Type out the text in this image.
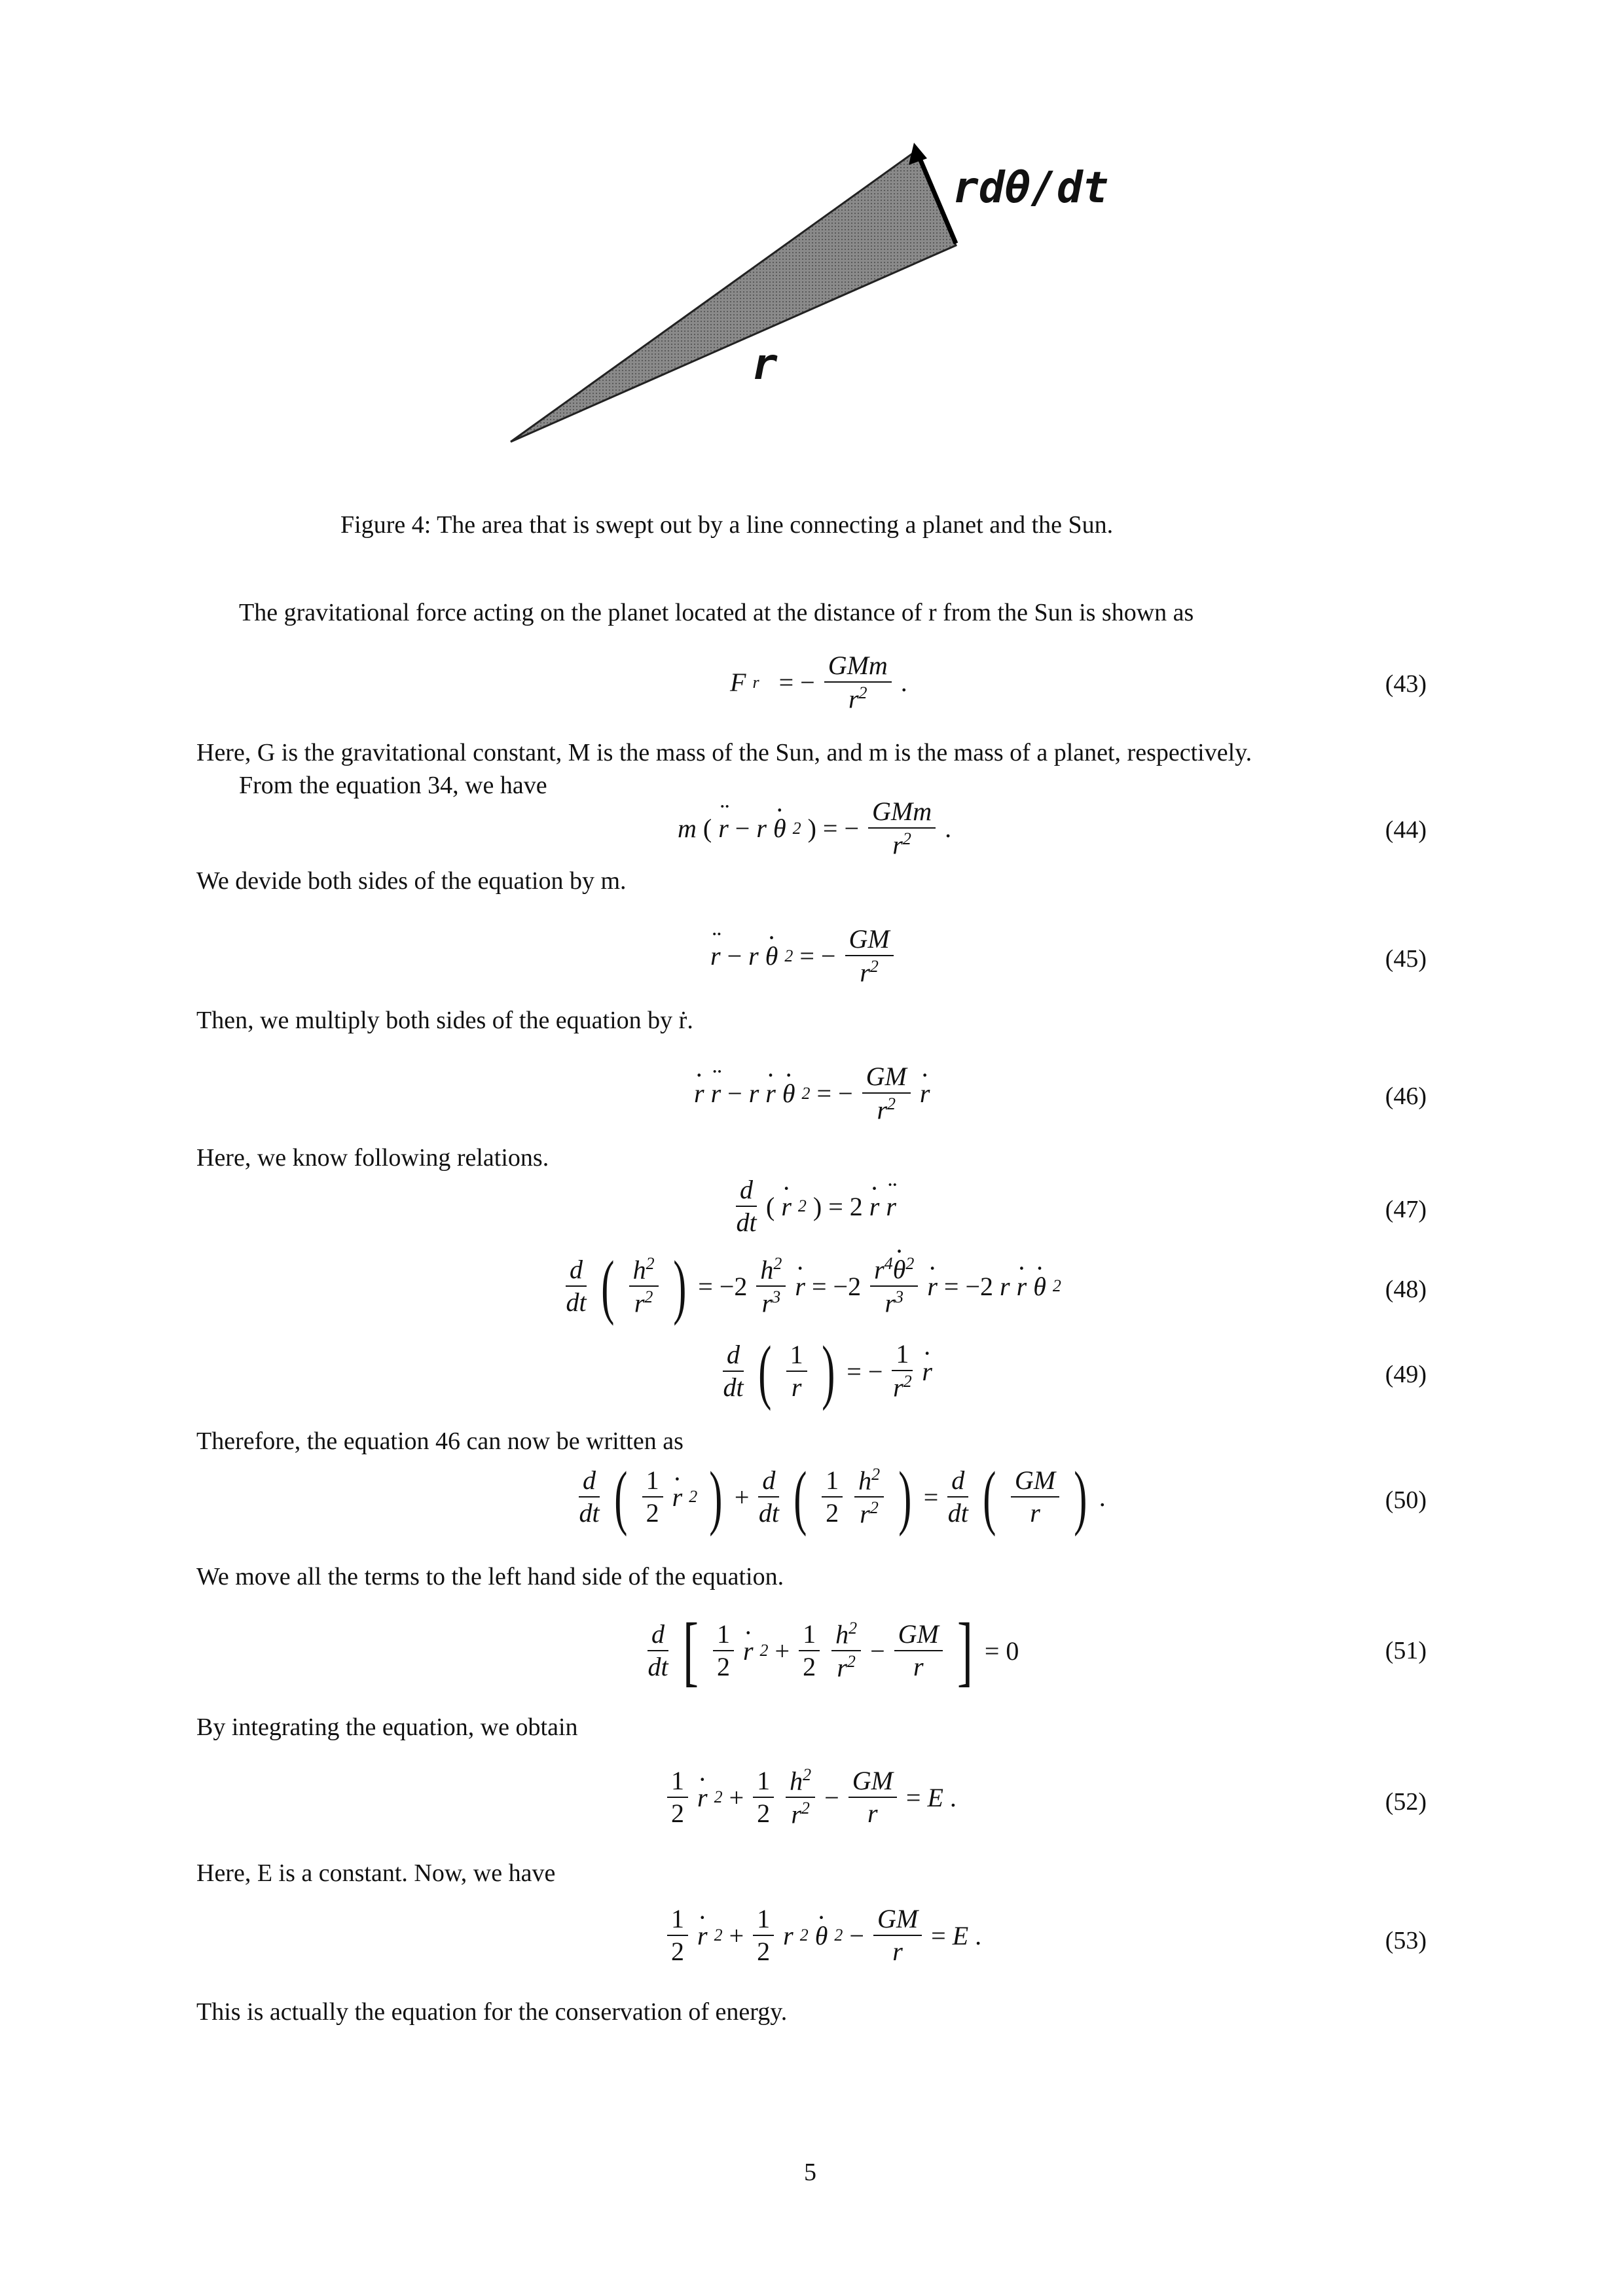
rdθ/dt
r
Figure 4: The area that is swept out by a line connecting a planet and the Sun.
The gravitational force acting on the planet located at the distance of r from the Sun is shown as
F r
= − $\frac{\text{GMm}}{r^2}$ .	(43)
Here, G is the gravitational constant, M is the mass of the Sun, and m is the mass of a planet, respectively.
From the equation 34, we have
m ( r ·· − r θ · 2 ) = − $\frac{\text{GMm}}{r^2}$ .	(44)
We devide both sides of the equation by m.
r ·· − r θ · 2 = − $\frac{GM}{r^2}$	(45)
Then, we multiply both sides of the equation by ṙ.
r · r ·· − r r · θ · 2 = − $\frac{GM}{r^2}$ r ·	(46)
Here, we know following relations.
$\frac{d}{dt}$ ( r · 2 ) = 2 r · r ··	(47)
$\frac{d}{dt}$ ( $\frac{h^2}{r^2}$ ) = $-2 \frac{h^2}{r^3}$ r · = $-2 \frac{r^4\theta \cdot^2}{r^3}$ r · = −2 r r · θ · 2	(48)
$\frac{d}{dt}$ ( $\frac{1}{r}$ ) = − $\frac{1}{r^2}$ r ·	(49)
Therefore, the equation 46 can now be written as
$\frac{d}{dt}$ ( $\frac{1}{2}$ r · 2 ) + $\frac{d}{dt}$ ( $\frac{1}{2} \frac{h^2}{r^2}$ ) = $\frac{d}{dt}$ ( $\frac{GM}{r}$ ) .	(50)
We move all the terms to the left hand side of the equation.
$\frac{d}{dt}$ [ $\frac{1}{2}$ $r \cdot 2 + \frac{1}{2} \frac{h^2}{r^2} - \frac{GM}{r}$ ] = 0	(51)
By integrating the equation, we obtain
$\frac{1}{2}$ $r \cdot 2 + \frac{1}{2} \frac{h^2}{r^2} - \frac{GM}{r} = E$ .	(52)
Here, E is a constant. Now, we have
$\frac{1}{2}$ $r \cdot 2 + \frac{1}{2}$ r 2 $\theta \cdot 2 - \frac{GM}{r} = E$ .	(53)
This is actually the equation for the conservation of energy.
5
